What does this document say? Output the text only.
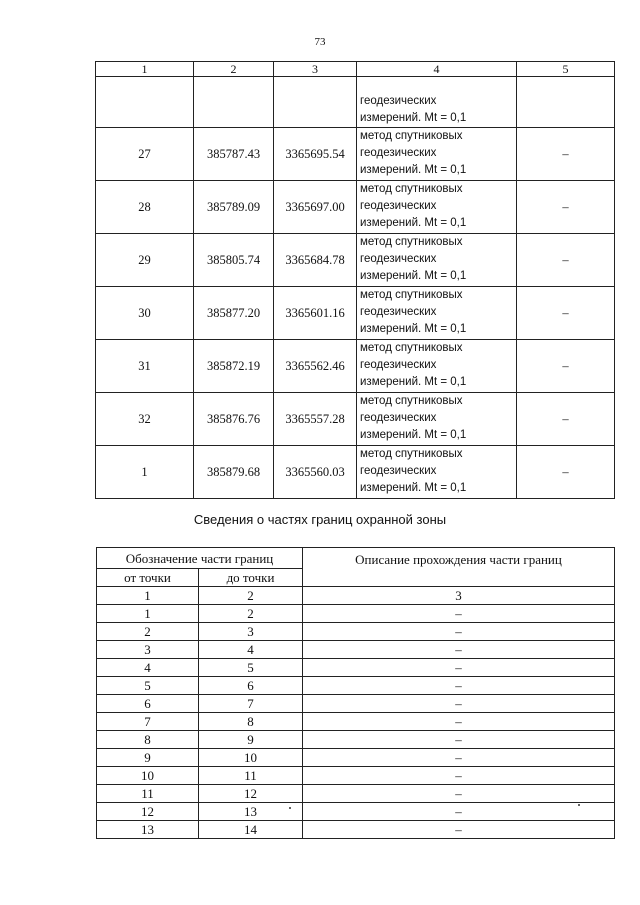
73
1	2	3	4	5

			геодезических
измерений. Mt = 0,1	

27	385787.43	3365695.54	метод спутниковых
геодезических
измерений. Mt = 0,1	–
28	385789.09	3365697.00	метод спутниковых
геодезических
измерений. Mt = 0,1	–
29	385805.74	3365684.78	метод спутниковых
геодезических
измерений. Mt = 0,1	–
30	385877.20	3365601.16	метод спутниковых
геодезических
измерений. Mt = 0,1	–
31	385872.19	3365562.46	метод спутниковых
геодезических
измерений. Mt = 0,1	–
32	385876.76	3365557.28	метод спутниковых
геодезических
измерений. Mt = 0,1	–
1	385879.68	3365560.03	метод спутниковых
геодезических
измерений. Mt = 0,1	–
Сведения о частях границ охранной зоны
Обозначение части границ		Описание прохождения части границ
от точки	до точки	
1	2	3
1	2	–
2	3	–
3	4	–
4	5	–
5	6	–
6	7	–
7	8	–
8	9	–
9	10	–
10	11	–
11	12	–
12	13	–
13	14	–
